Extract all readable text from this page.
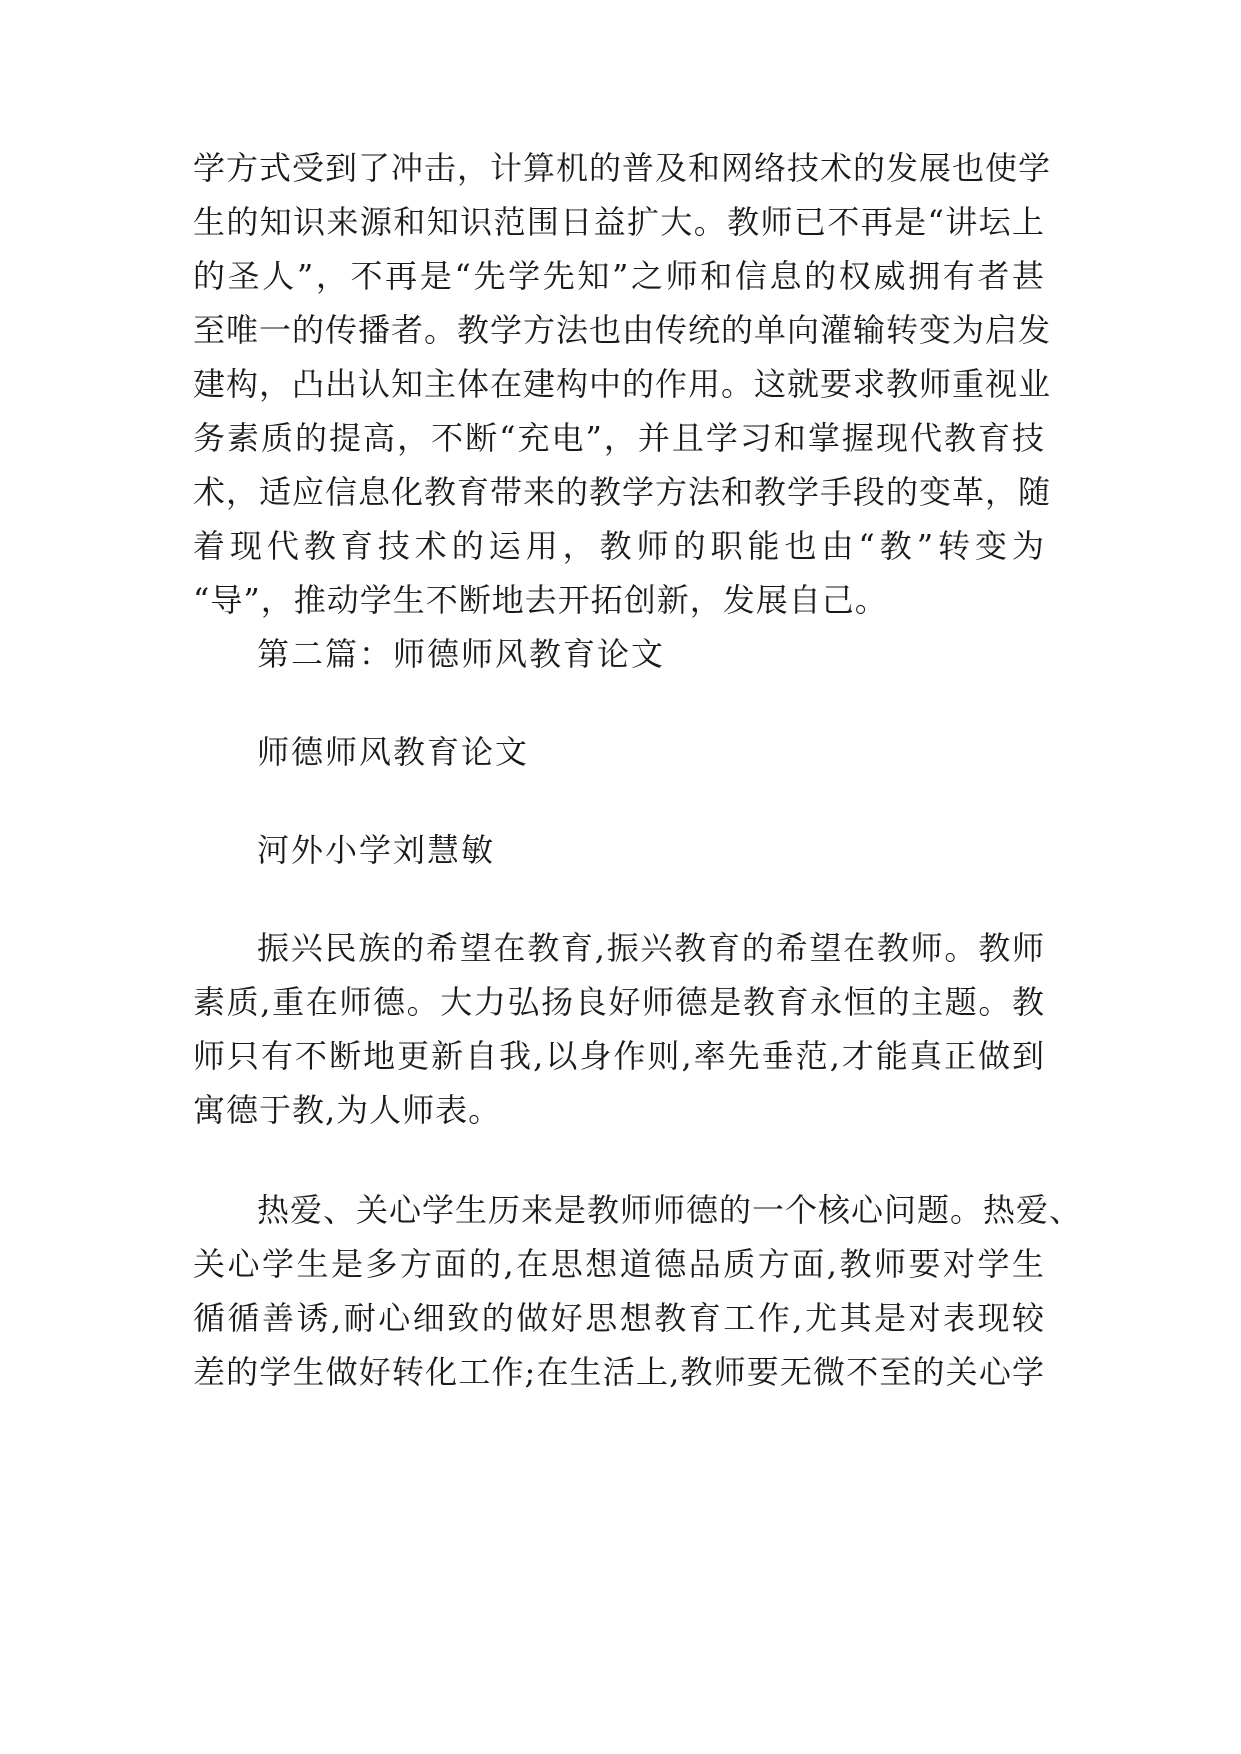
学方式受到了冲击，计算机的普及和网络技术的发展也使学
生的知识来源和知识范围日益扩大。教师已不再是“讲坛上
的圣人”，不再是“先学先知”之师和信息的权威拥有者甚
至唯一的传播者。教学方法也由传统的单向灌输转变为启发
建构，凸出认知主体在建构中的作用。这就要求教师重视业
务素质的提高，不断“充电”，并且学习和掌握现代教育技
术，适应信息化教育带来的教学方法和教学手段的变革，随
着现代教育技术的运用，教师的职能也由“教”转变为
“导”，推动学生不断地去开拓创新，发展自己。
第二篇：师德师风教育论文
师德师风教育论文
河外小学刘慧敏
振兴民族的希望在教育,振兴教育的希望在教师。教师
素质,重在师德。大力弘扬良好师德是教育永恒的主题。教
师只有不断地更新自我,以身作则,率先垂范,才能真正做到
寓德于教,为人师表。
热爱、关心学生历来是教师师德的一个核心问题。热爱、
关心学生是多方面的,在思想道德品质方面,教师要对学生
循循善诱,耐心细致的做好思想教育工作,尤其是对表现较
差的学生做好转化工作;在生活上,教师要无微不至的关心学
